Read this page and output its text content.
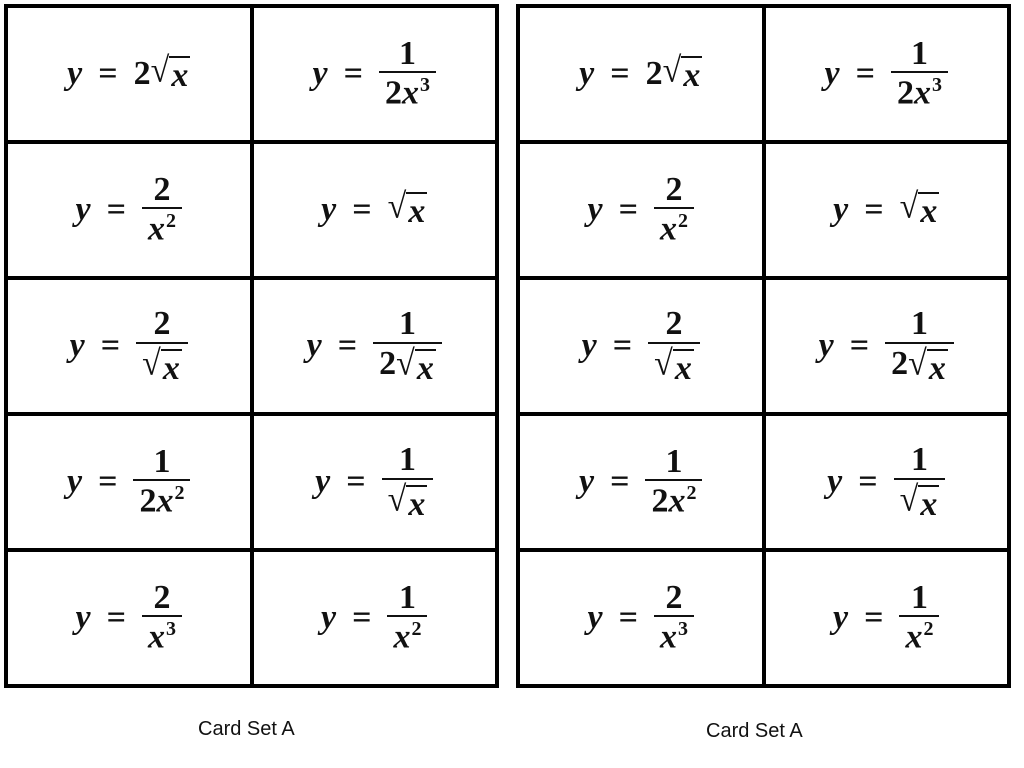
y = 2 √ x	$y = \frac{1}{2x^3}$
$y = \frac{2}{x^2}$	y = √ x
$y = \frac{2}{√ x}$	$y = \frac{1}{2 √ x}$
$y = \frac{1}{2x^2}$	$y = \frac{1}{√ x}$
$y = \frac{2}{x^3}$	$y = \frac{1}{x^2}$
y = 2 √ x	$y = \frac{1}{2x^3}$
$y = \frac{2}{x^2}$	y = √ x
$y = \frac{2}{√ x}$	$y = \frac{1}{2 √ x}$
$y = \frac{1}{2x^2}$	$y = \frac{1}{√ x}$
$y = \frac{2}{x^3}$	$y = \frac{1}{x^2}$
Card Set A	Card Set A
